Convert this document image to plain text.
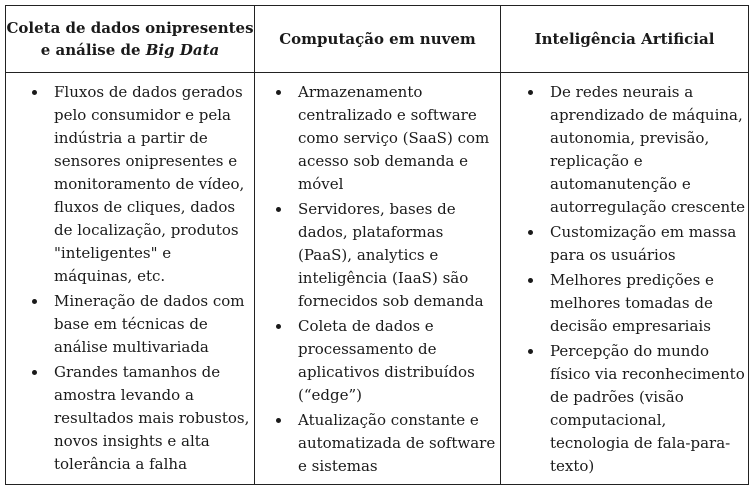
Coleta de dados onipresentes
e análise de Big Data
Computação em nuvem	Inteligência Artificial
Fluxos de dados gerados pelo consumidor e pela indústria a partir de sensores onipresentes e monitoramento de vídeo, fluxos de cliques, dados de localização, produtos "inteligentes" e máquinas, etc.
Mineração de dados com base em técnicas de análise multivariada
Grandes tamanhos de amostra levando a resultados mais robustos, novos insights e alta tolerância a falha
Armazenamento centralizado e software como serviço (SaaS) com acesso sob demanda e móvel
Servidores, bases de dados, plataformas (PaaS), analytics e inteligência (IaaS) são fornecidos sob demanda
Coleta de dados e processamento de aplicativos distribuídos (“edge”)
Atualização constante e automatizada de software e sistemas
De redes neurais a aprendizado de máquina, autonomia, previsão, replicação e automanutenção e autorregulação crescente
Customização em massa para os usuários
Melhores predições e melhores tomadas de decisão empresariais
Percepção do mundo físico via reconhecimento de padrões (visão computacional, tecnologia de fala-para-texto)
